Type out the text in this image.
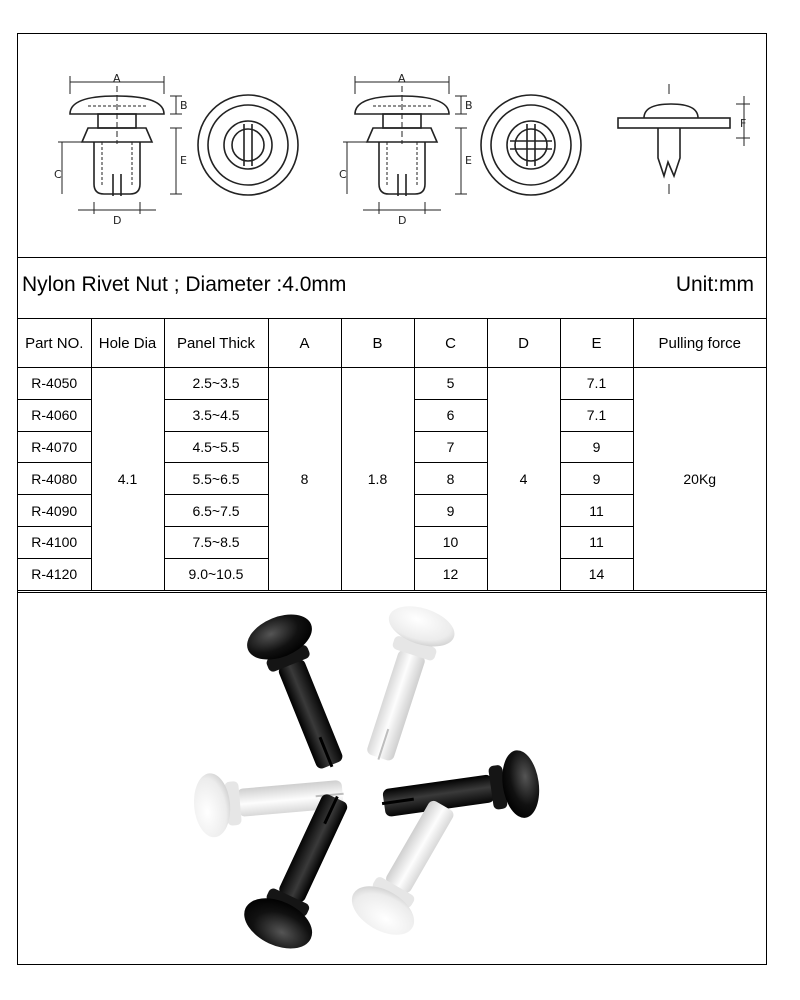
A
B
E
C
D
A
B
E
C
D
F
Nylon Rivet Nut ; Diameter :4.0mm	Unit:mm
Part NO.	Hole Dia	Panel Thick	A	B	C	D	E	Pulling force
R-4050	4.1	2.5~3.5	8	1.8	5	4	7.1	20Kg
R-4060		3.5~4.5			6		7.1	
R-4070		4.5~5.5			7		9	
R-4080		5.5~6.5			8		9	
R-4090		6.5~7.5			9		11	
R-4100		7.5~8.5			10		11	
R-4120		9.0~10.5			12		14	
